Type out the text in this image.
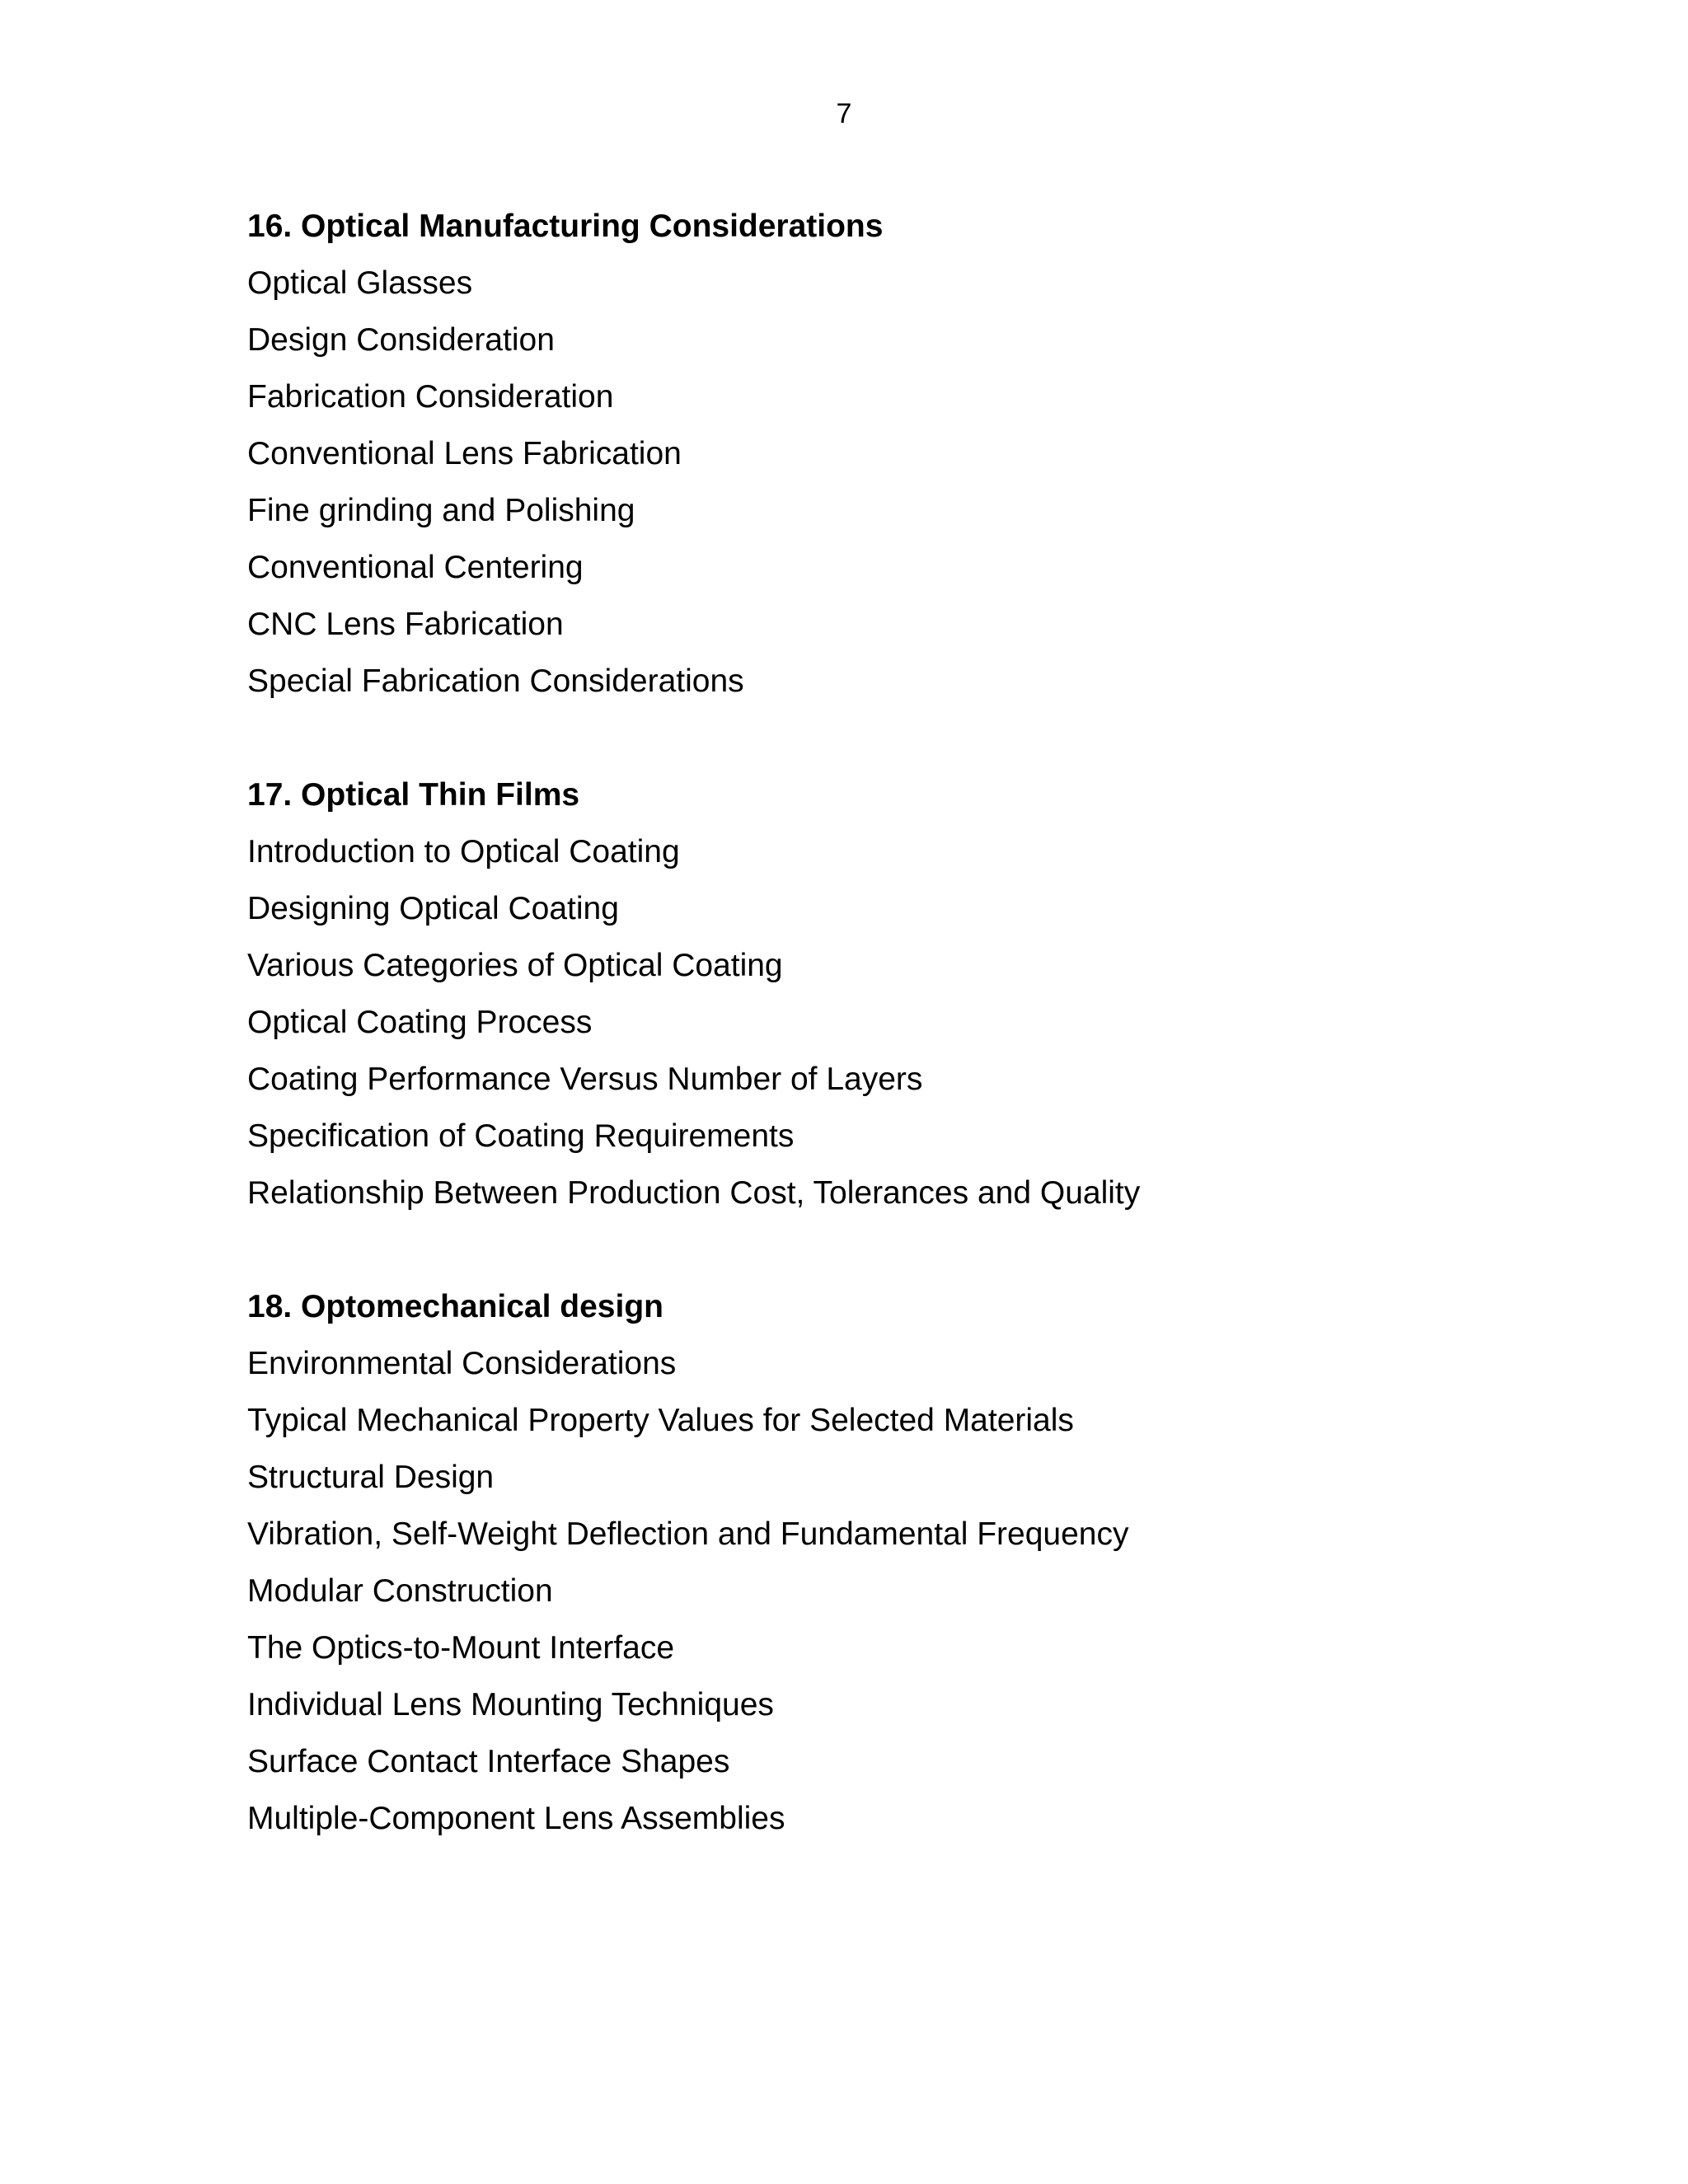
7
16. Optical Manufacturing Considerations
Optical Glasses
Design Consideration
Fabrication Consideration
Conventional Lens Fabrication
Fine grinding and Polishing
Conventional Centering
CNC Lens Fabrication
Special Fabrication Considerations
17. Optical Thin Films
Introduction to Optical Coating
Designing Optical Coating
Various Categories of Optical Coating
Optical Coating Process
Coating Performance Versus Number of Layers
Specification of Coating Requirements
Relationship Between Production Cost, Tolerances and Quality
18. Optomechanical design
Environmental Considerations
Typical Mechanical Property Values for Selected Materials
Structural Design
Vibration, Self-Weight Deflection and Fundamental Frequency
Modular Construction
The Optics-to-Mount Interface
Individual Lens Mounting Techniques
Surface Contact Interface Shapes
Multiple-Component Lens Assemblies
